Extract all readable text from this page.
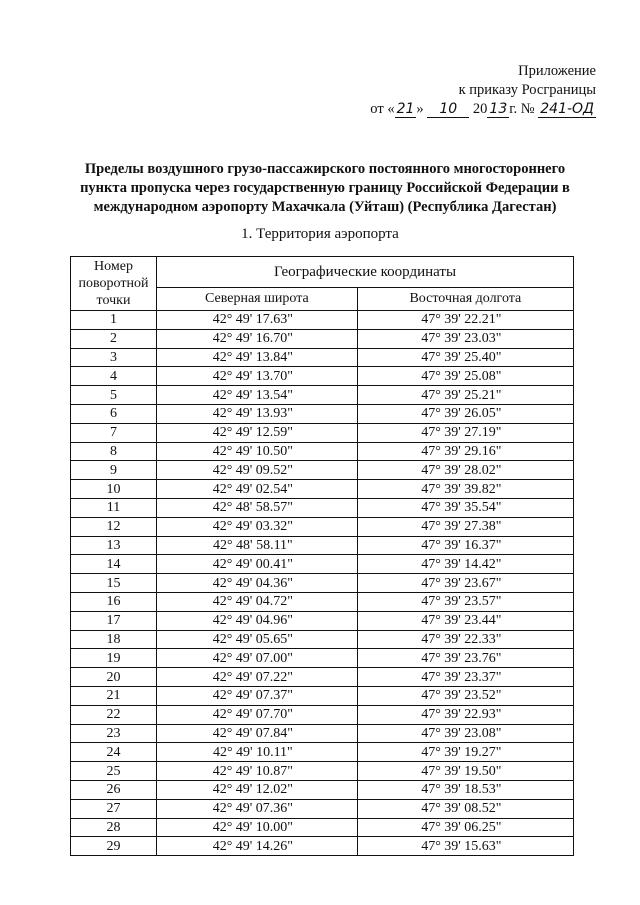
Приложение
к приказу Росграницы
от « 21 » 10 20 13 г. № 241-ОД
Пределы воздушного грузо-пассажирского постоянного многостороннего пункта пропуска через государственную границу Российской Федерации в международном аэропорту Махачкала (Уйташ) (Республика Дагестан)
1. Территория аэропорта
Номер поворотной точки	Географические координаты	
	Северная широта	Восточная долгота
1	42° 49' 17.63"	47° 39' 22.21"
2	42° 49' 16.70"	47° 39' 23.03"
3	42° 49' 13.84"	47° 39' 25.40"
4	42° 49' 13.70"	47° 39' 25.08"
5	42° 49' 13.54"	47° 39' 25.21"
6	42° 49' 13.93"	47° 39' 26.05"
7	42° 49' 12.59"	47° 39' 27.19"
8	42° 49' 10.50"	47° 39' 29.16"
9	42° 49' 09.52"	47° 39' 28.02"
10	42° 49' 02.54"	47° 39' 39.82"
11	42° 48' 58.57"	47° 39' 35.54"
12	42° 49' 03.32"	47° 39' 27.38"
13	42° 48' 58.11"	47° 39' 16.37"
14	42° 49' 00.41"	47° 39' 14.42"
15	42° 49' 04.36"	47° 39' 23.67"
16	42° 49' 04.72"	47° 39' 23.57"
17	42° 49' 04.96"	47° 39' 23.44"
18	42° 49' 05.65"	47° 39' 22.33"
19	42° 49' 07.00"	47° 39' 23.76"
20	42° 49' 07.22"	47° 39' 23.37"
21	42° 49' 07.37"	47° 39' 23.52"
22	42° 49' 07.70"	47° 39' 22.93"
23	42° 49' 07.84"	47° 39' 23.08"
24	42° 49' 10.11"	47° 39' 19.27"
25	42° 49' 10.87"	47° 39' 19.50"
26	42° 49' 12.02"	47° 39' 18.53"
27	42° 49' 07.36"	47° 39' 08.52"
28	42° 49' 10.00"	47° 39' 06.25"
29	42° 49' 14.26"	47° 39' 15.63"
